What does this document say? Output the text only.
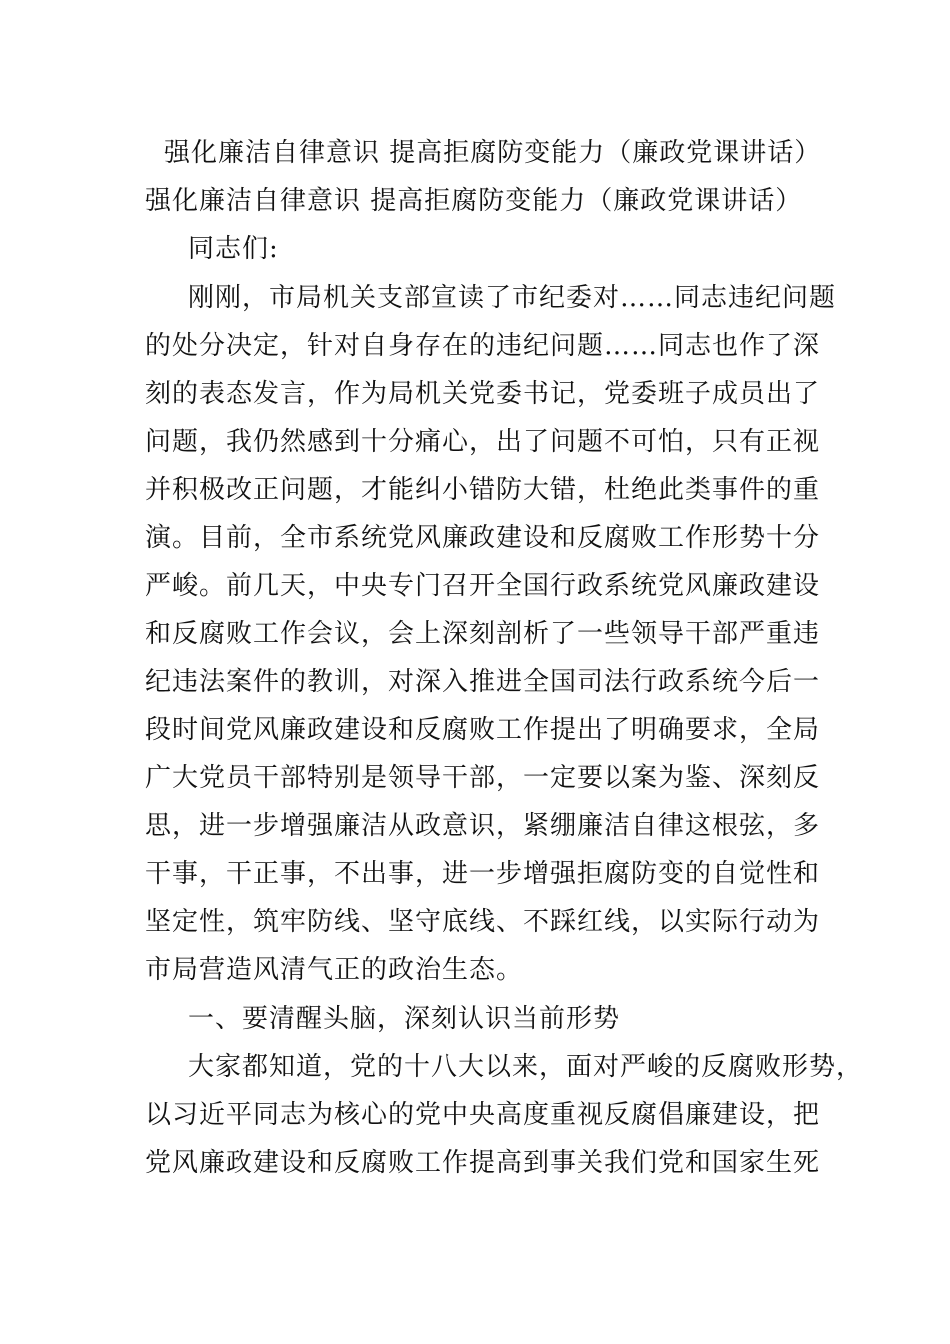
强化廉洁自律意识 提高拒腐防变能力（廉政党课讲话）

强化廉洁自律意识 提高拒腐防变能力（廉政党课讲话）

同志们:

刚刚，市局机关支部宣读了市纪委对……同志违纪问题

的处分决定，针对自身存在的违纪问题……同志也作了深

刻的表态发言，作为局机关党委书记，党委班子成员出了

问题，我仍然感到十分痛心，出了问题不可怕，只有正视

并积极改正问题，才能纠小错防大错，杜绝此类事件的重

演。目前，全市系统党风廉政建设和反腐败工作形势十分

严峻。前几天，中央专门召开全国行政系统党风廉政建设

和反腐败工作会议，会上深刻剖析了一些领导干部严重违

纪违法案件的教训，对深入推进全国司法行政系统今后一

段时间党风廉政建设和反腐败工作提出了明确要求，全局

广大党员干部特别是领导干部，一定要以案为鉴、深刻反

思，进一步增强廉洁从政意识，紧绷廉洁自律这根弦，多

干事，干正事，不出事，进一步增强拒腐防变的自觉性和

坚定性，筑牢防线、坚守底线、不踩红线，以实际行动为

市局营造风清气正的政治生态。

一、要清醒头脑，深刻认识当前形势

大家都知道，党的十八大以来，面对严峻的反腐败形势，

以习近平同志为核心的党中央高度重视反腐倡廉建设，把

党风廉政建设和反腐败工作提高到事关我们党和国家生死
